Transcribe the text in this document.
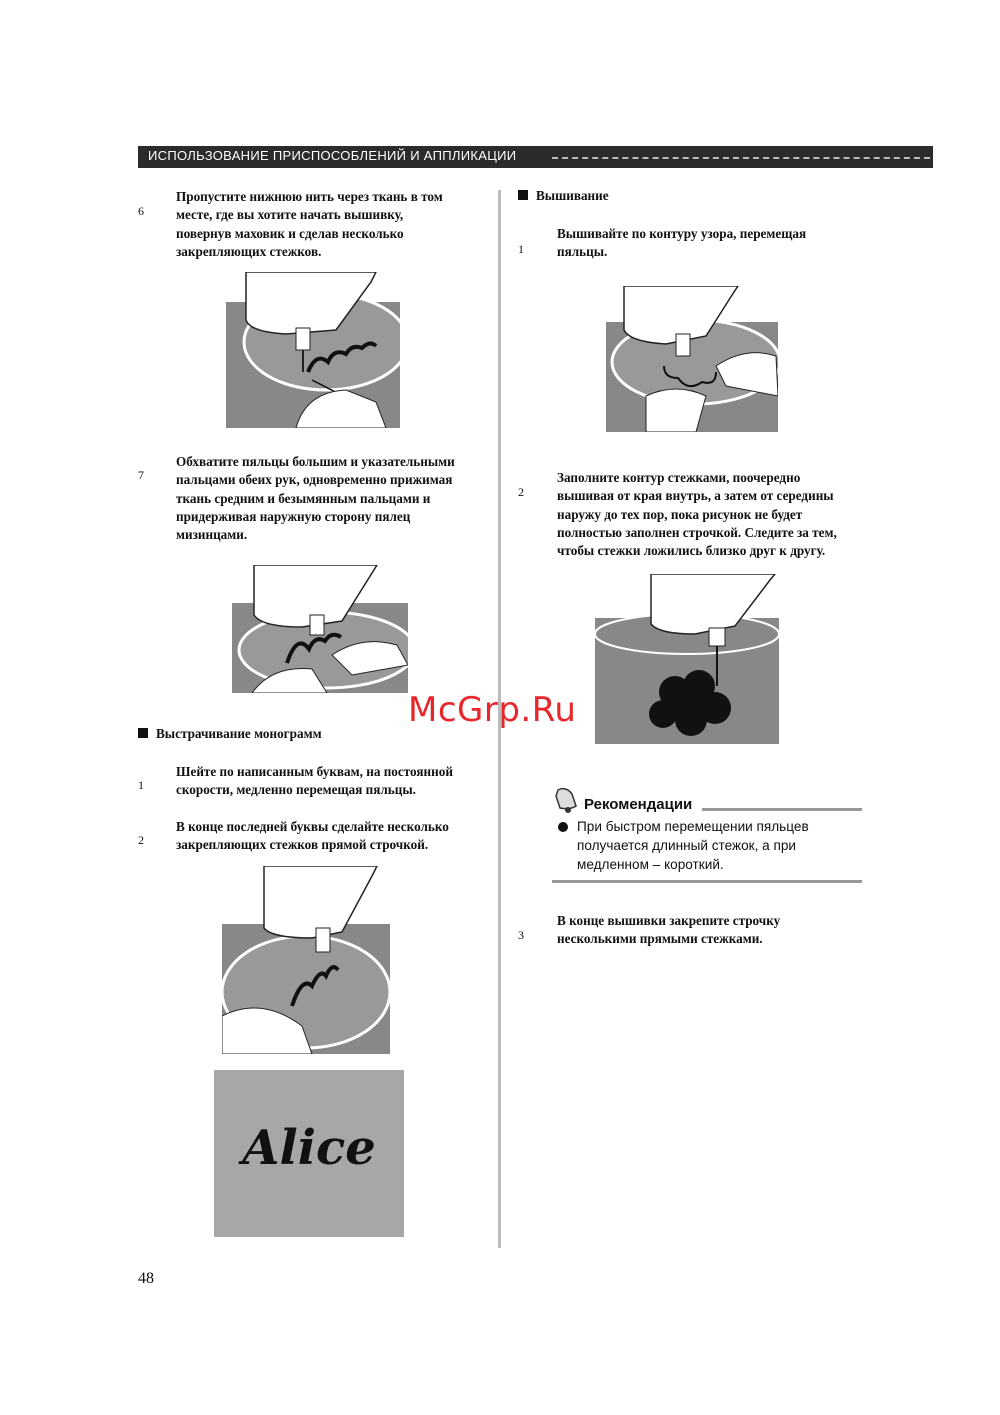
ИСПОЛЬЗОВАНИЕ ПРИСПОСОБЛЕНИЙ И АППЛИКАЦИИ
6
Пропустите нижнюю нить через ткань в том
месте, где вы хотите начать вышивку,
повернув маховик и сделав несколько
закрепляющих стежков.
7
Обхватите пяльцы большим и указательными
пальцами обеих рук, одновременно прижимая
ткань средним и безымянным пальцами и
придерживая наружную сторону пялец
мизинцами.
Выстрачивание монограмм
1
Шейте по написанным буквам, на постоянной
скорости, медленно перемещая пяльцы.
2
В конце последней буквы сделайте несколько
закрепляющих стежков прямой строчкой.
Alice
Вышивание
1
Вышивайте по контуру узора, перемещая
пяльцы.
2
Заполните контур стежками, поочередно
вышивая от края внутрь, а затем от середины
наружу до тех пор, пока рисунок не будет
полностью заполнен строчкой. Следите за тем,
чтобы стежки ложились близко друг к другу.
Рекомендации
При быстром перемещении пяльцев
получается длинный стежок, а при
медленном – короткий.
3
В конце вышивки закрепите строчку
несколькими прямыми стежками.
McGrp.Ru
48
